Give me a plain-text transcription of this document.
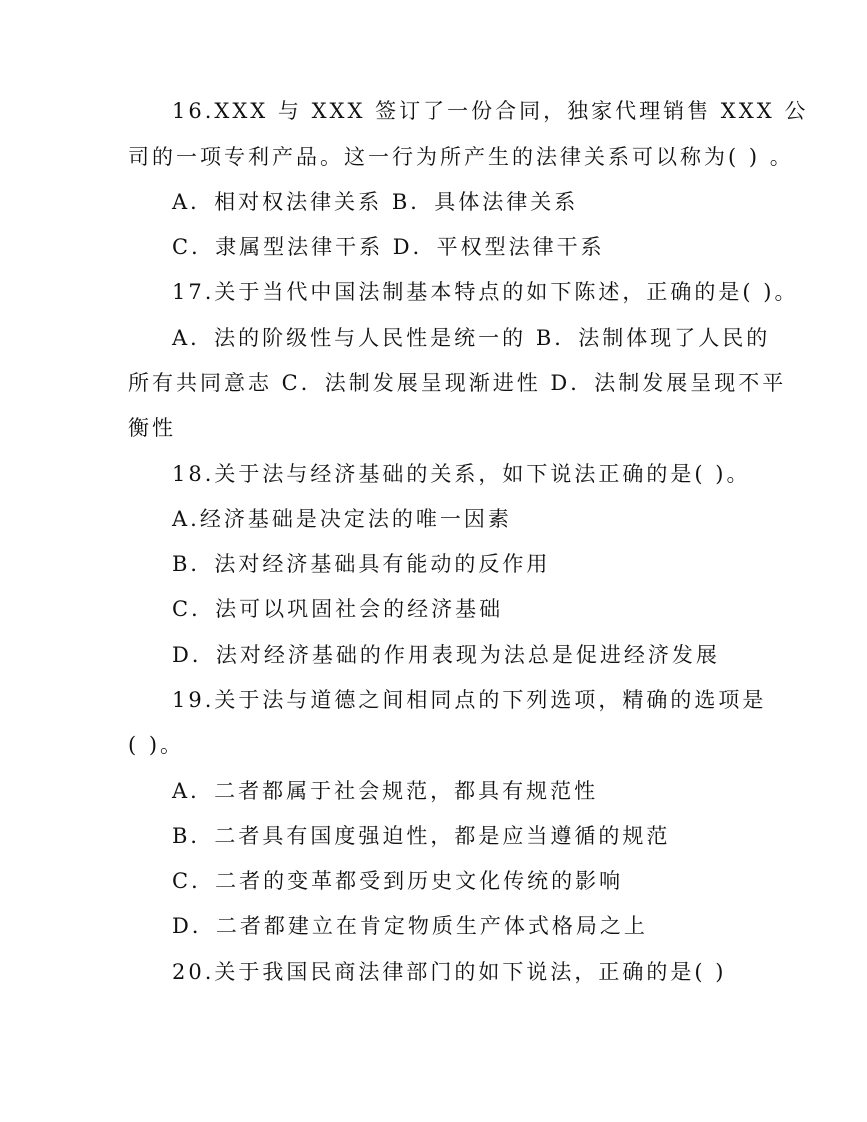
16.XXX 与 XXX 签订了一份合同，独家代理销售 XXX 公
司的一项专利产品。这一行为所产生的法律关系可以称为( ) 。
A．相对权法律关系 B．具体法律关系
C．隶属型法律干系 D．平权型法律干系
17.关于当代中国法制基本特点的如下陈述，正确的是( )。
A．法的阶级性与人民性是统一的 B．法制体现了人民的
所有共同意志 C．法制发展呈现渐进性 D．法制发展呈现不平
衡性
18.关于法与经济基础的关系，如下说法正确的是( )。
A.经济基础是决定法的唯一因素
B．法对经济基础具有能动的反作用
C．法可以巩固社会的经济基础
D．法对经济基础的作用表现为法总是促进经济发展
19.关于法与道德之间相同点的下列选项，精确的选项是
( )。
A．二者都属于社会规范，都具有规范性
B．二者具有国度强迫性，都是应当遵循的规范
C．二者的变革都受到历史文化传统的影响
D．二者都建立在肯定物质生产体式格局之上
20.关于我国民商法律部门的如下说法，正确的是( )
